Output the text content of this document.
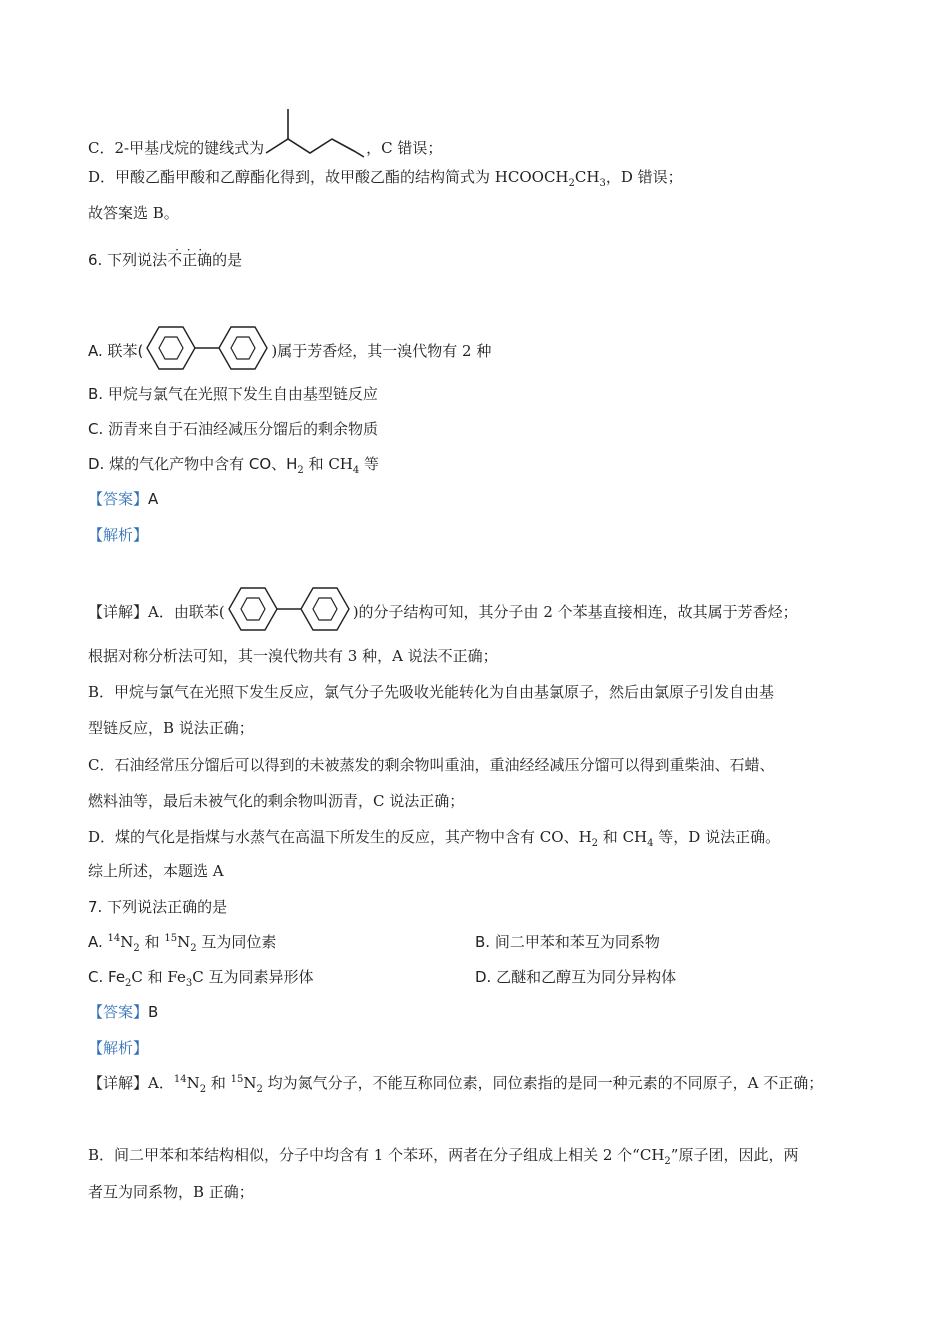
C．2-甲基戊烷的键线式为	，C 错误；
D．甲酸乙酯甲酸和乙醇酯化得到，故甲酸乙酯的结构简式为 $HCOOCH_2CH_3$，D 错误；
故答案选 B。
6. 下列说法· · · 不正确的是
A. 联苯(	)属于芳香烃，其一溴代物有 2 种
B. 甲烷与氯气在光照下发生自由基型链反应
C. 沥青来自于石油经减压分馏后的剩余物质
D. 煤的气化产物中含有 CO、$H_2$ 和 $CH_4$ 等
【答案】A
【解析】
【详解】A．由联苯(	)的分子结构可知，其分子由 2 个苯基直接相连，故其属于芳香烃；
根据对称分析法可知，其一溴代物共有 3 种，A 说法不正确；
B．甲烷与氯气在光照下发生反应，氯气分子先吸收光能转化为自由基氯原子，然后由氯原子引发自由基
型链反应，B 说法正确；
C．石油经常压分馏后可以得到的未被蒸发的剩余物叫重油，重油经经减压分馏可以得到重柴油、石蜡、
燃料油等，最后未被气化的剩余物叫沥青，C 说法正确；
D．煤的气化是指煤与水蒸气在高温下所发生的反应，其产物中含有 CO、$H_2$ 和 $CH_4$ 等，D 说法正确。
综上所述，本题选 A
7. 下列说法正确的是
A. $^{14}N_2$ 和 $^{15}N_2$ 互为同位素	B. 间二甲苯和苯互为同系物
C. $Fe_2C$ 和 $Fe_3C$ 互为同素异形体	D. 乙醚和乙醇互为同分异构体
【答案】B
【解析】
【详解】A．$^{14}N_2$ 和 $^{15}N_2$ 均为氮气分子，不能互称同位素，同位素指的是同一种元素的不同原子，A 不正确；
B．间二甲苯和苯结构相似，分子中均含有 1 个苯环，两者在分子组成上相关 2 个“$CH_2$”原子团，因此，两
者互为同系物，B 正确；
